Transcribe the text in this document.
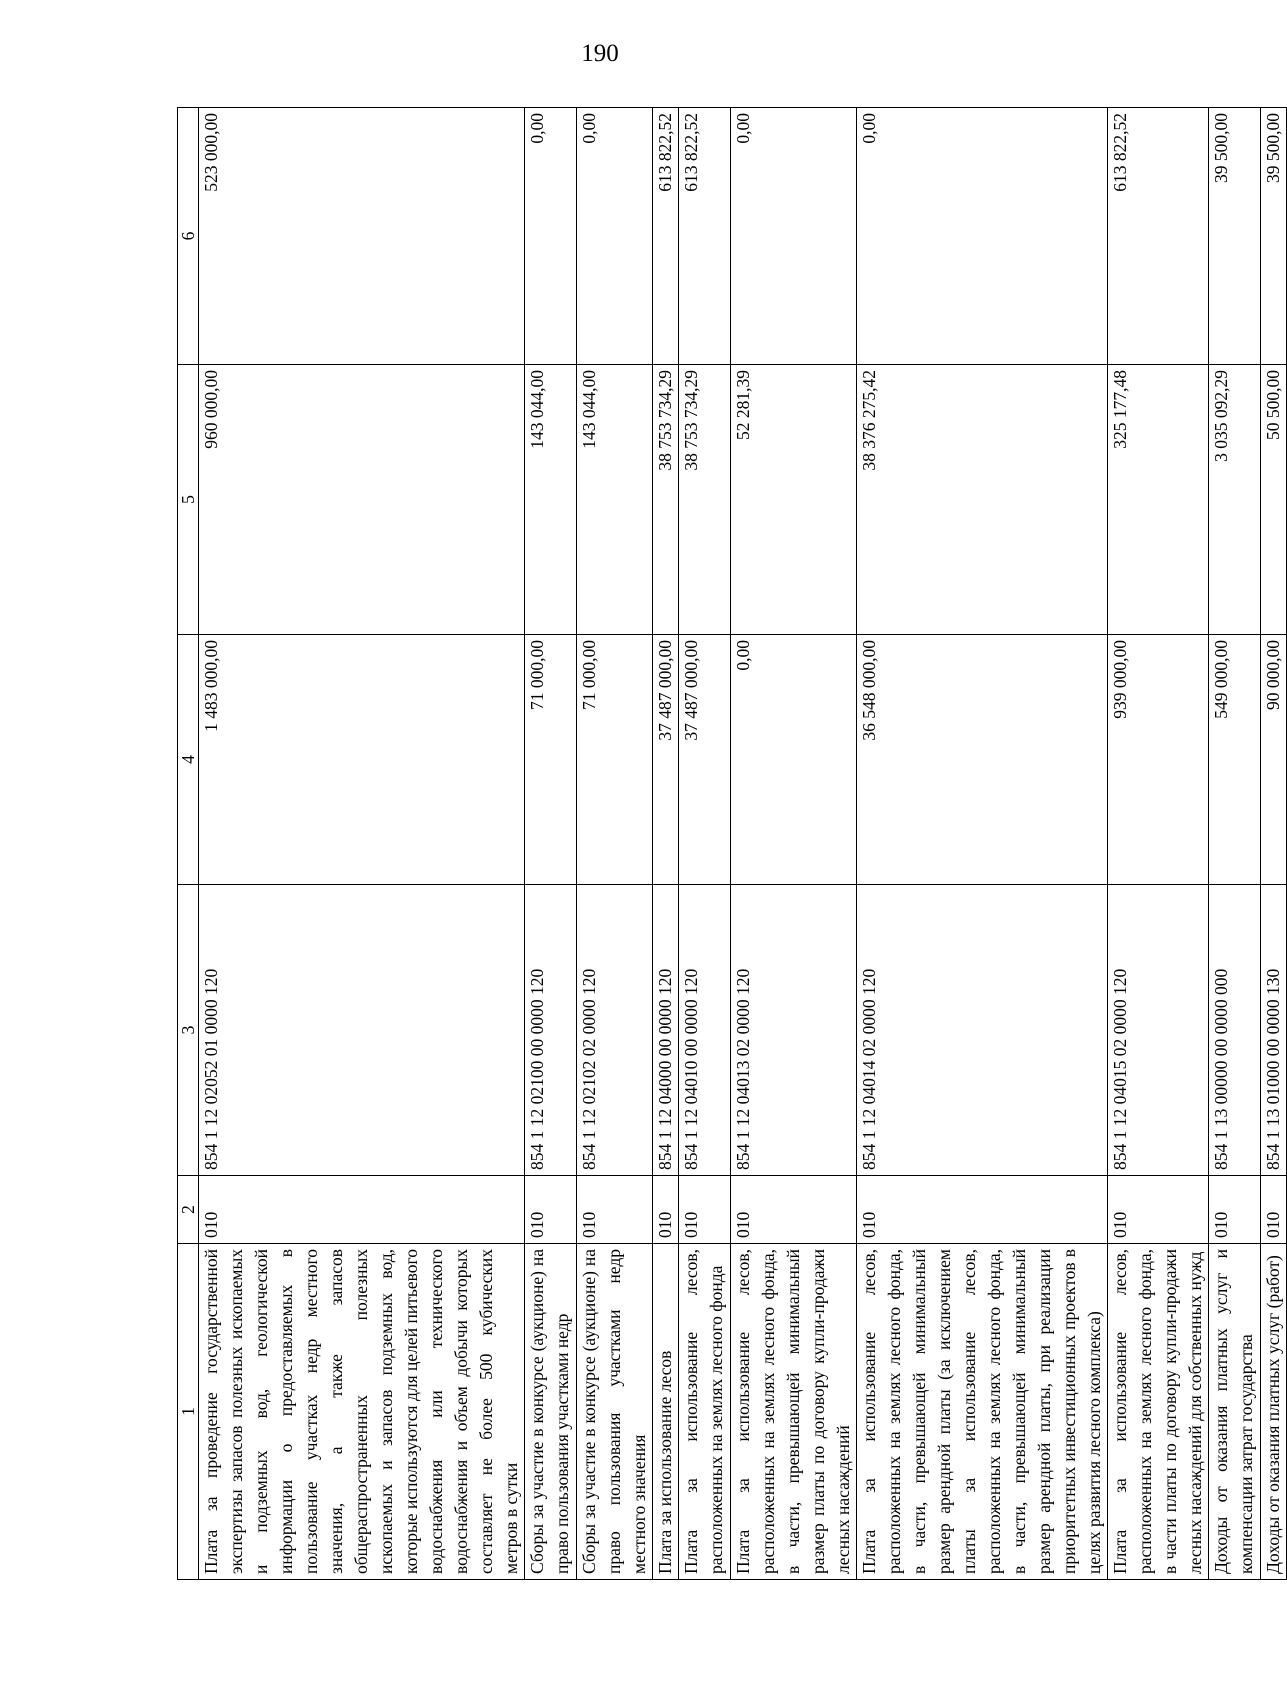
190
1	2	3	4	5	6
Плата за проведение государственной экспертизы запасов полезных ископаемых и подземных вод, геологической информации о предоставляемых в пользование участках недр местного значения, а также запасов общераспространенных полезных ископаемых и запасов подземных вод, которые используются для целей питьевого водоснабжения или технического водоснабжения и объем добычи которых составляет не более 500 кубических метров в сутки	010	854 1 12 02052 01 0000 120	1 483 000,00	960 000,00	523 000,00
Сборы за участие в конкурсе (аукционе) на право пользования участками недр	010	854 1 12 02100 00 0000 120	71 000,00	143 044,00	0,00
Сборы за участие в конкурсе (аукционе) на право пользования участками недр местного значения	010	854 1 12 02102 02 0000 120	71 000,00	143 044,00	0,00
Плата за использование лесов	010	854 1 12 04000 00 0000 120	37 487 000,00	38 753 734,29	613 822,52
Плата за использование лесов, расположенных на землях лесного фонда	010	854 1 12 04010 00 0000 120	37 487 000,00	38 753 734,29	613 822,52
Плата за использование лесов, расположенных на землях лесного фонда, в части, превышающей минимальный размер платы по договору купли-продажи лесных насаждений	010	854 1 12 04013 02 0000 120	0,00	52 281,39	0,00
Плата за использование лесов, расположенных на землях лесного фонда, в части, превышающей минимальный размер арендной платы (за исключением платы за использование лесов, расположенных на землях лесного фонда, в части, превышающей минимальный размер арендной платы, при реализации приоритетных инвестиционных проектов в целях развития лесного комплекса)	010	854 1 12 04014 02 0000 120	36 548 000,00	38 376 275,42	0,00
Плата за использование лесов, расположенных на землях лесного фонда, в части платы по договору купли-продажи лесных насаждений для собственных нужд	010	854 1 12 04015 02 0000 120	939 000,00	325 177,48	613 822,52
Доходы от оказания платных услуг и компенсации затрат государства	010	854 1 13 00000 00 0000 000	549 000,00	3 035 092,29	39 500,00
Доходы от оказания платных услуг (работ)	010	854 1 13 01000 00 0000 130	90 000,00	50 500,00	39 500,00
